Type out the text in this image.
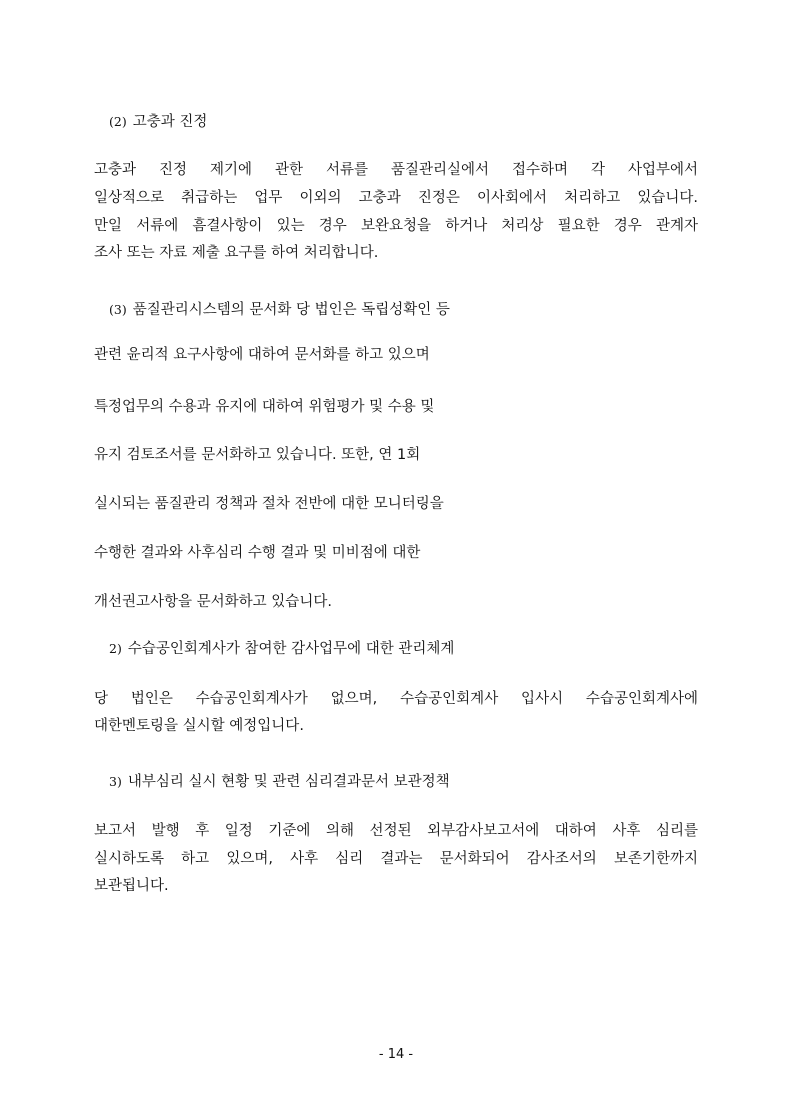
(2) 고충과 진정
고충과 진정 제기에 관한 서류를 품질관리실에서 접수하며 각 사업부에서
일상적으로 취급하는 업무 이외의 고충과 진정은 이사회에서 처리하고 있습니다.
만일 서류에 흠결사항이 있는 경우 보완요청을 하거나 처리상 필요한 경우 관계자
조사 또는 자료 제출 요구를 하여 처리합니다.
(3) 품질관리시스템의 문서화 당 법인은 독립성확인 등
관련 윤리적 요구사항에 대하여 문서화를 하고 있으며
특정업무의 수용과 유지에 대하여 위험평가 및 수용 및
유지 검토조서를 문서화하고 있습니다. 또한, 연 1회
실시되는 품질관리 정책과 절차 전반에 대한 모니터링을
수행한 결과와 사후심리 수행 결과 및 미비점에 대한
개선권고사항을 문서화하고 있습니다.
2) 수습공인회계사가 참여한 감사업무에 대한 관리체계
당 법인은 수습공인회계사가 없으며, 수습공인회계사 입사시 수습공인회계사에
대한멘토링을 실시할 예정입니다.
3) 내부심리 실시 현황 및 관련 심리결과문서 보관정책
보고서 발행 후 일정 기준에 의해 선정된 외부감사보고서에 대하여 사후 심리를
실시하도록 하고 있으며, 사후 심리 결과는 문서화되어 감사조서의 보존기한까지
보관됩니다.
- 14 -
